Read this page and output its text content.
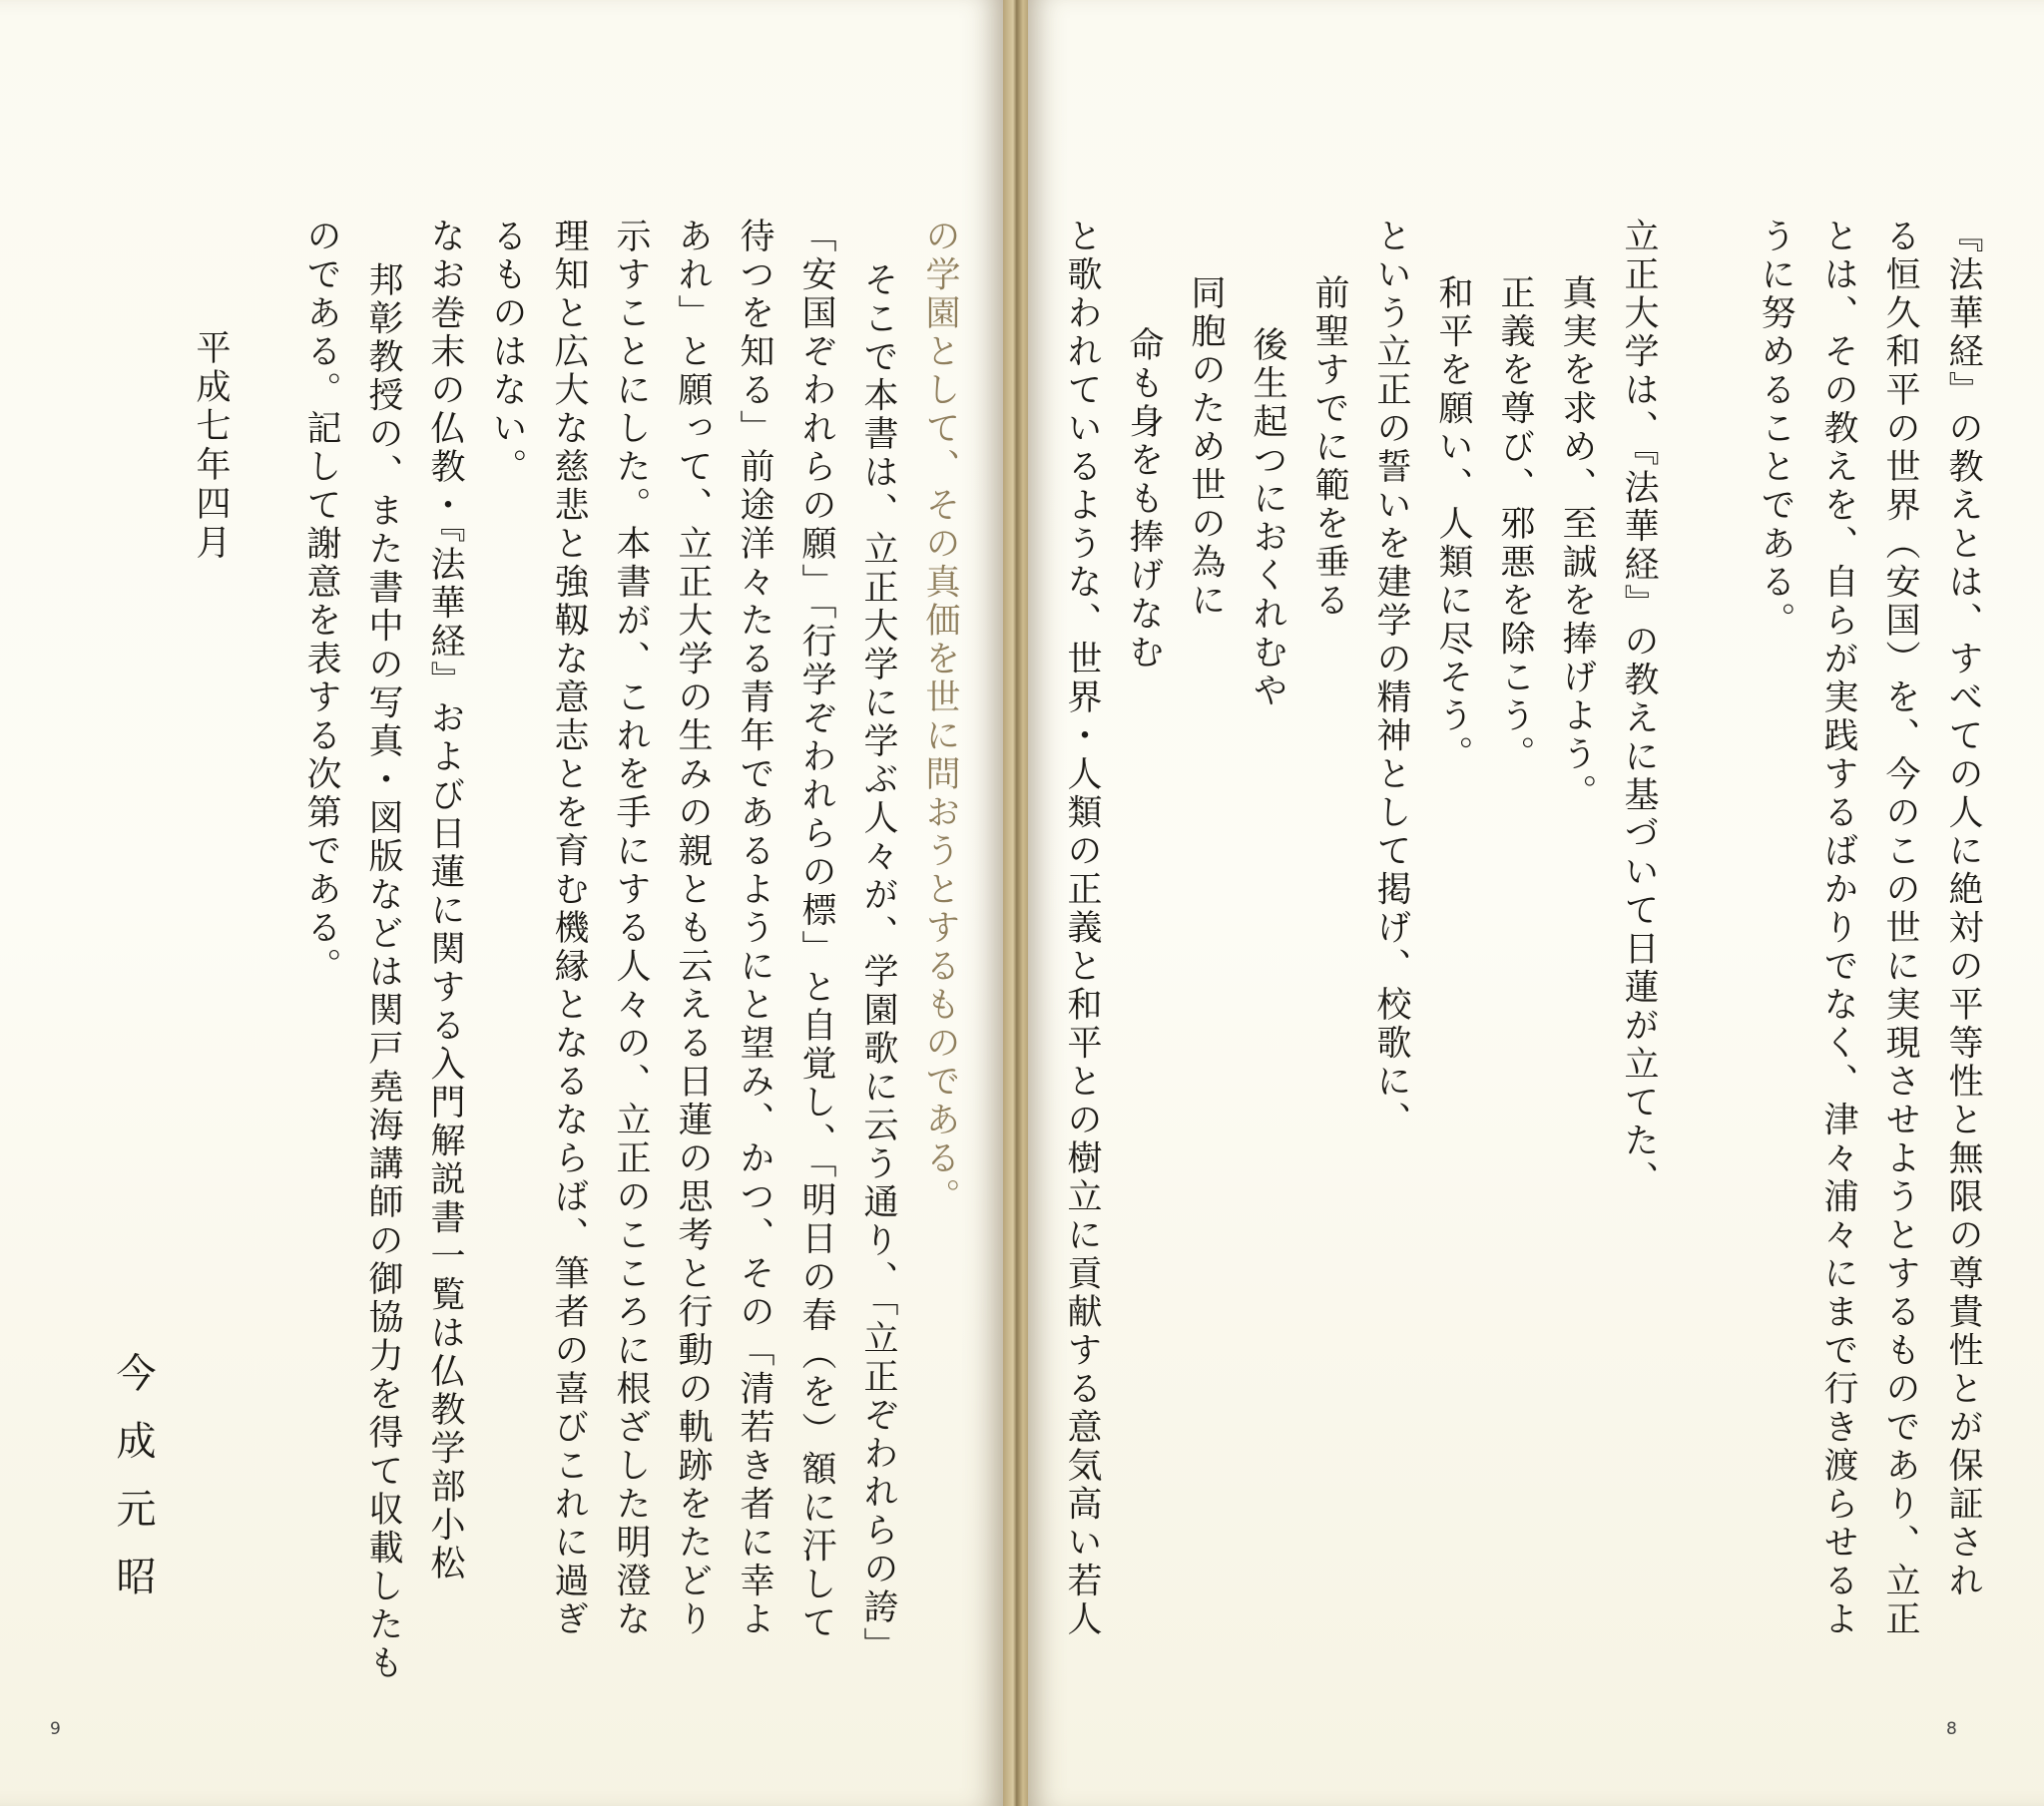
『法華経』の教えとは、すべての人に絶対の平等性と無限の尊貴性とが保証され
る恒久和平の世界（安国）を、今のこの世に実現させようとするものであり、立正
とは、その教えを、自らが実践するばかりでなく、津々浦々にまで行き渡らせるよ
うに努めることである。
立正大学は、『法華経』の教えに基づいて日蓮が立てた、
真実を求め、至誠を捧げよう。
正義を尊び、邪悪を除こう。
和平を願い、人類に尽そう。
という立正の誓いを建学の精神として掲げ、校歌に、
前聖すでに範を垂る
後生起つにおくれむや
同胞のため世の為に
命も身をも捧げなむ
と歌われているような、世界・人類の正義と和平との樹立に貢献する意気高い若人
8
の学園として、その真価を世に問おうとするものである。
そこで本書は、立正大学に学ぶ人々が、学園歌に云う通り、「立正ぞわれらの誇」
「安国ぞわれらの願」「行学ぞわれらの標」と自覚し、「明日の春（を）額に汗して
待つを知る」前途洋々たる青年であるようにと望み、かつ、その「清若き者に幸よ
あれ」と願って、立正大学の生みの親とも云える日蓮の思考と行動の軌跡をたどり
示すことにした。本書が、これを手にする人々の、立正のこころに根ざした明澄な
理知と広大な慈悲と強靱な意志とを育む機縁となるならば、筆者の喜びこれに過ぎ
るものはない。
なお巻末の仏教・『法華経』および日蓮に関する入門解説書一覧は仏教学部小松
邦彰教授の、また書中の写真・図版などは関戸堯海講師の御協力を得て収載したも
のである。記して謝意を表する次第である。
平成七年四月
今成元昭
9
